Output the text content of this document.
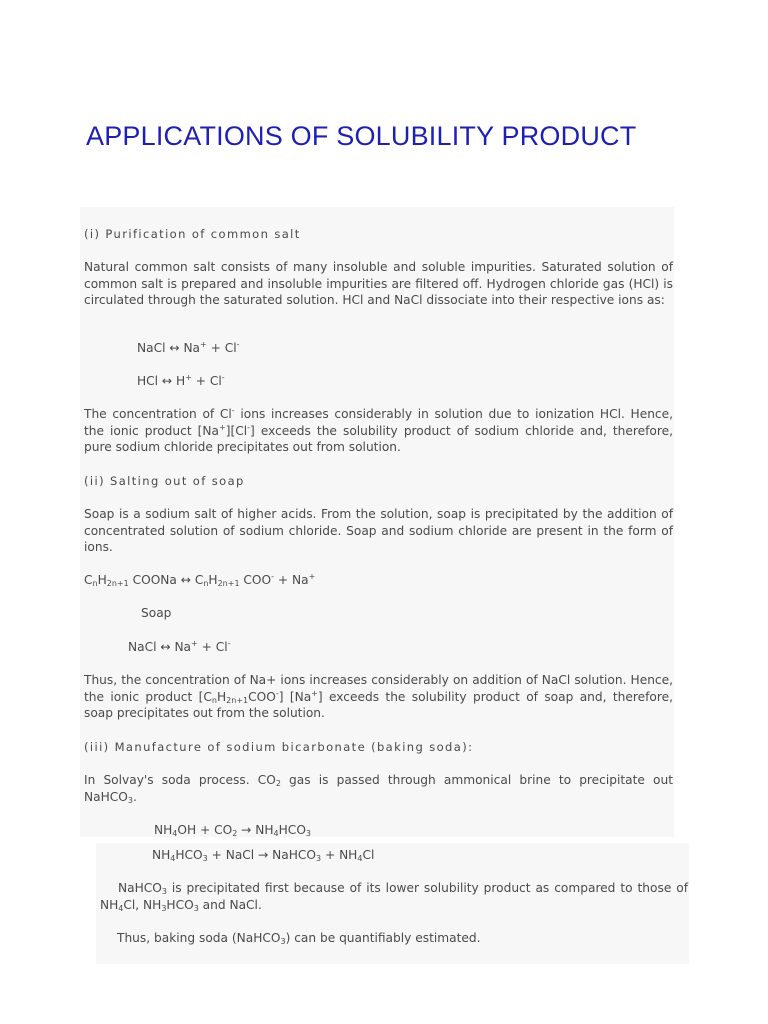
APPLICATIONS OF SOLUBILITY PRODUCT
(i) Purification of common salt
Natural common salt consists of many insoluble and soluble impurities. Saturated solution of common salt is prepared and insoluble impurities are filtered off. Hydrogen chloride gas (HCl) is circulated through the saturated solution. HCl and NaCl dissociate into their respective ions as:
NaCl ↔ Na+ + Cl-
HCl ↔ H+ + Cl-
The concentration of Cl- ions increases considerably in solution due to ionization HCl. Hence, the ionic product [Na+][Cl-] exceeds the solubility product of sodium chloride and, therefore, pure sodium chloride precipitates out from solution.
(ii) Salting out of soap
Soap is a sodium salt of higher acids. From the solution, soap is precipitated by the addition of concentrated solution of sodium chloride. Soap and sodium chloride are present in the form of ions.
$C_nH_{2n+1}$ COONa ↔ $C_nH_{2n+1}$ COO- + Na+
Soap
NaCl ↔ Na+ + Cl-
Thus, the concentration of Na+ ions increases considerably on addition of NaCl solution. Hence, the ionic product $[C_nH_{2n+1}COO^-]$ [Na+] exceeds the solubility product of soap and, therefore, soap precipitates out from the solution.
(iii) Manufacture of sodium bicarbonate (baking soda):
In Solvay's soda process. $CO_2$ gas is passed through ammonical brine to precipitate out NaHCO$_3$.
$NH_4OH + CO_2 \to NH_4HCO_3$
$NH_4HCO_3$ + NaCl → NaHCO$_3$ + $NH_4Cl$
NaHCO$_3$ is precipitated first because of its lower solubility product as compared to those of $NH_4Cl$, $NH_3HCO_3$ and NaCl.
Thus, baking soda (NaHCO$_3$) can be quantifiably estimated.
